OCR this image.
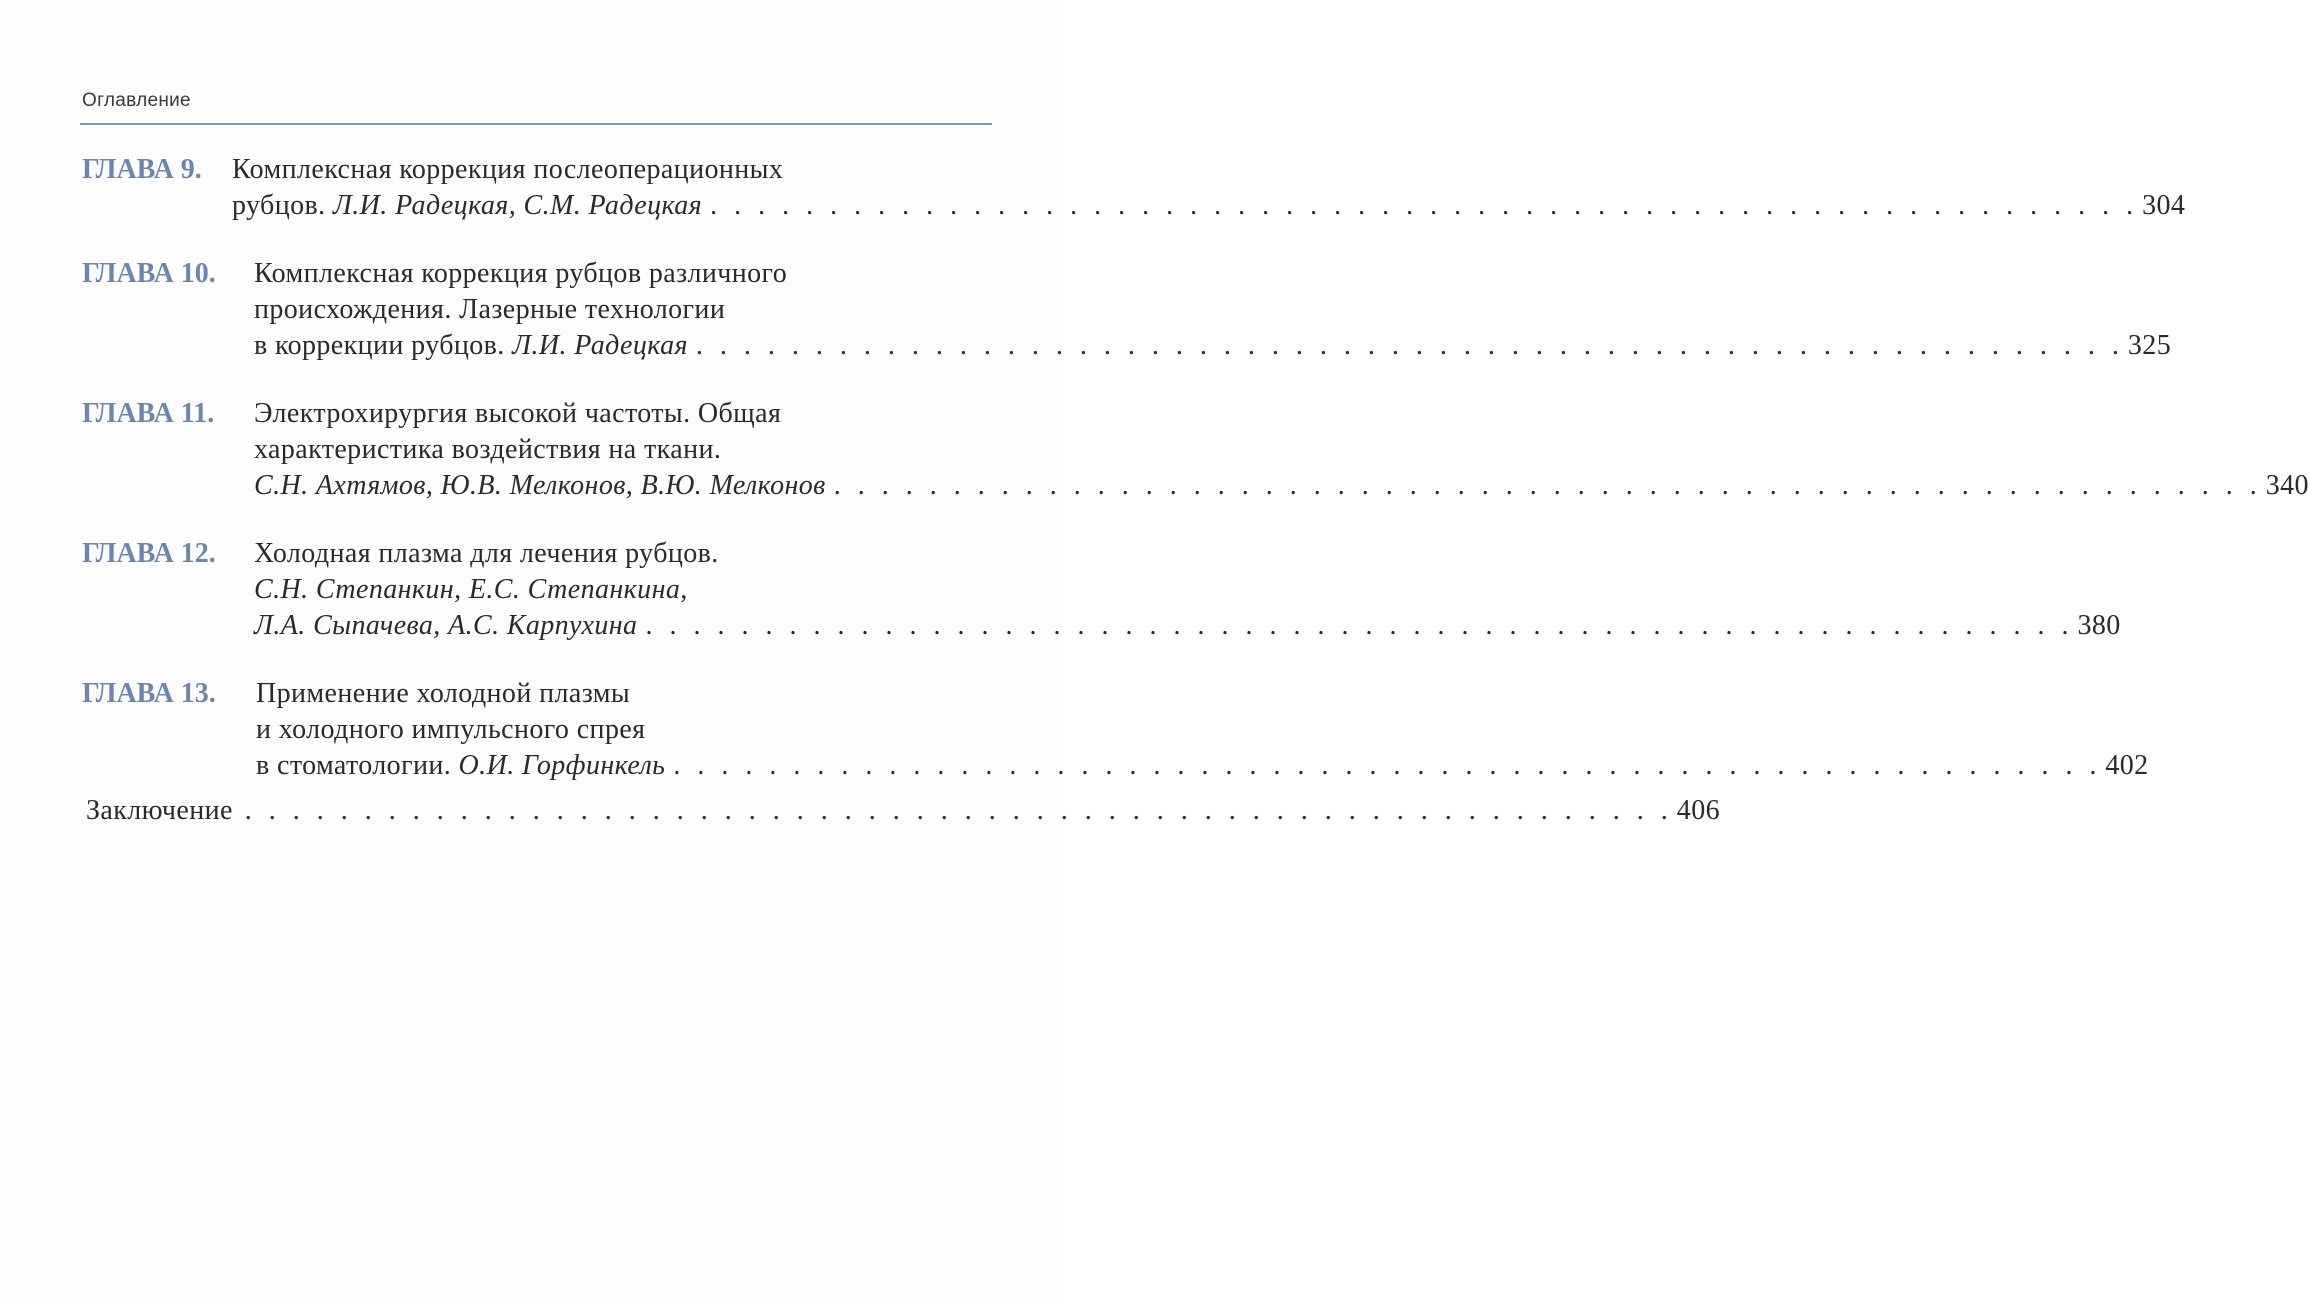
Оглавление
ГЛАВА 9. Комплексная коррекция послеоперационных
рубцов. Л.И. Радецкая, С.М. Радецкая . . . . . . . . . . . . . . . . . . . . . . . . . . . . . . . . . . . . . . . . . . . . . . . . . . . . . . . . . . . . 304
ГЛАВА 10. Комплексная коррекция рубцов различного
происхождения. Лазерные технологии
в коррекции рубцов. Л.И. Радецкая . . . . . . . . . . . . . . . . . . . . . . . . . . . . . . . . . . . . . . . . . . . . . . . . . . . . . . . . . . . . 325
ГЛАВА 11. Электрохирургия высокой частоты. Общая
характеристика воздействия на ткани.
С.Н. Ахтямов, Ю.В. Мелконов, В.Ю. Мелконов . . . . . . . . . . . . . . . . . . . . . . . . . . . . . . . . . . . . . . . . . . . . . . . . . . . . . . . . . . . . 340
ГЛАВА 12. Холодная плазма для лечения рубцов.
С.Н. Степанкин, Е.С. Степанкина,
Л.А. Сыпачева, А.С. Карпухина . . . . . . . . . . . . . . . . . . . . . . . . . . . . . . . . . . . . . . . . . . . . . . . . . . . . . . . . . . . . 380
ГЛАВА 13. Применение холодной плазмы
и холодного импульсного спрея
в стоматологии. О.И. Горфинкель . . . . . . . . . . . . . . . . . . . . . . . . . . . . . . . . . . . . . . . . . . . . . . . . . . . . . . . . . . . . 402
Заключение . . . . . . . . . . . . . . . . . . . . . . . . . . . . . . . . . . . . . . . . . . . . . . . . . . . . . . . . . . . . 406
